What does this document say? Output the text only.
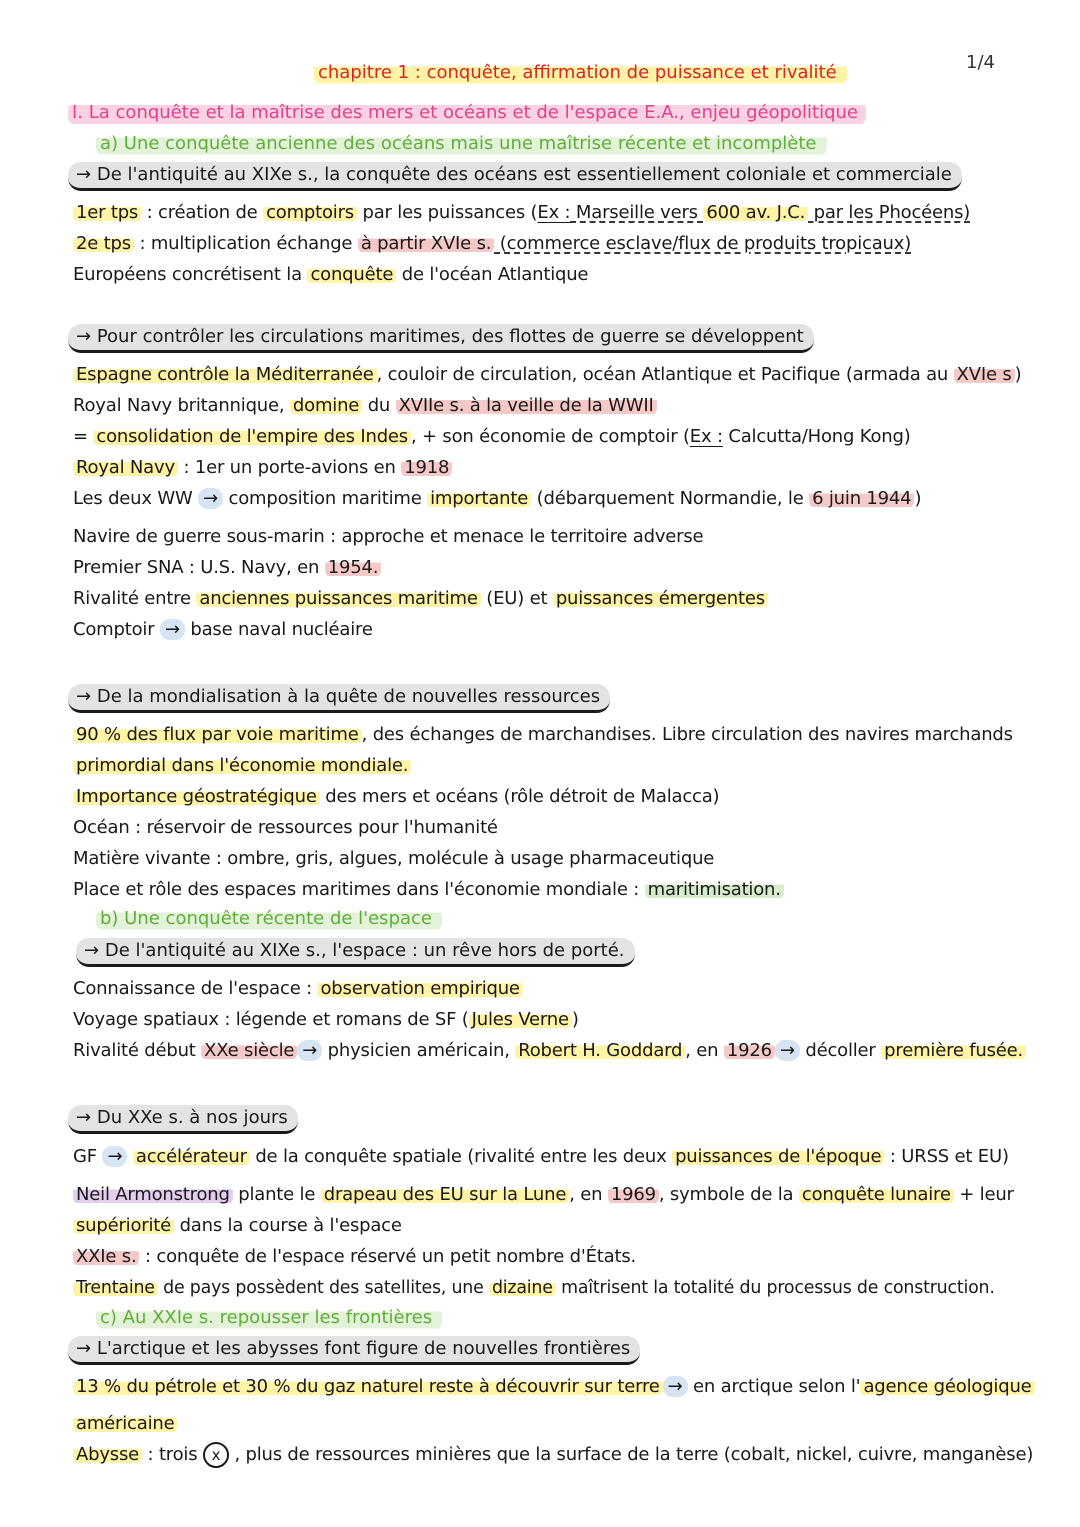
1/4
chapitre 1 : conquête, affirmation de puissance et rivalité
I. La conquête et la maîtrise des mers et océans et de l'espace E.A., enjeu géopolitique
a) Une conquête ancienne des océans mais une maîtrise récente et incomplète
→ De l'antiquité au XIXe s., la conquête des océans est essentiellement coloniale et commerciale
1er tps : création de comptoirs par les puissances (Ex : Marseille vers 600 av. J.C. par les Phocéens)
2e tps : multiplication échange à partir XVIe s. (commerce esclave/flux de produits tropicaux)
Européens concrétisent la conquête de l'océan Atlantique
→ Pour contrôler les circulations maritimes, des flottes de guerre se développent
Espagne contrôle la Méditerranée , couloir de circulation, océan Atlantique et Pacifique (armada au XVIe s )
Royal Navy britannique, domine du XVIIe s. à la veille de la WWII
= consolidation de l'empire des Indes , + son économie de comptoir (Ex : Calcutta/Hong Kong)
Royal Navy : 1er un porte-avions en 1918
Les deux WW → composition maritime importante (débarquement Normandie, le 6 juin 1944 )
Navire de guerre sous-marin : approche et menace le territoire adverse
Premier SNA : U.S. Navy, en 1954.
Rivalité entre anciennes puissances maritime (EU) et puissances émergentes
Comptoir → base naval nucléaire
→ De la mondialisation à la quête de nouvelles ressources
90 % des flux par voie maritime , des échanges de marchandises. Libre circulation des navires marchands
primordial dans l'économie mondiale.
Importance géostratégique des mers et océans (rôle détroit de Malacca)
Océan : réservoir de ressources pour l'humanité
Matière vivante : ombre, gris, algues, molécule à usage pharmaceutique
Place et rôle des espaces maritimes dans l'économie mondiale : maritimisation.
b) Une conquête récente de l'espace
→ De l'antiquité au XIXe s., l'espace : un rêve hors de porté.
Connaissance de l'espace : observation empirique
Voyage spatiaux : légende et romans de SF ( Jules Verne )
Rivalité début XXe siècle → physicien américain, Robert H. Goddard , en 1926 → décoller première fusée.
→ Du XXe s. à nos jours
GF → accélérateur de la conquête spatiale (rivalité entre les deux puissances de l'époque : URSS et EU)
Neil Armonstrong plante le drapeau des EU sur la Lune , en 1969 , symbole de la conquête lunaire + leur
supériorité dans la course à l'espace
XXIe s. : conquête de l'espace réservé un petit nombre d'États.
Trentaine de pays possèdent des satellites, une dizaine maîtrisent la totalité du processus de construction.
c) Au XXIe s. repousser les frontières
→ L'arctique et les abysses font figure de nouvelles frontières
13 % du pétrole et 30 % du gaz naturel reste à découvrir sur terre → en arctique selon l' agence géologique
américaine
Abysse : trois x , plus de ressources minières que la surface de la terre (cobalt, nickel, cuivre, manganèse)
